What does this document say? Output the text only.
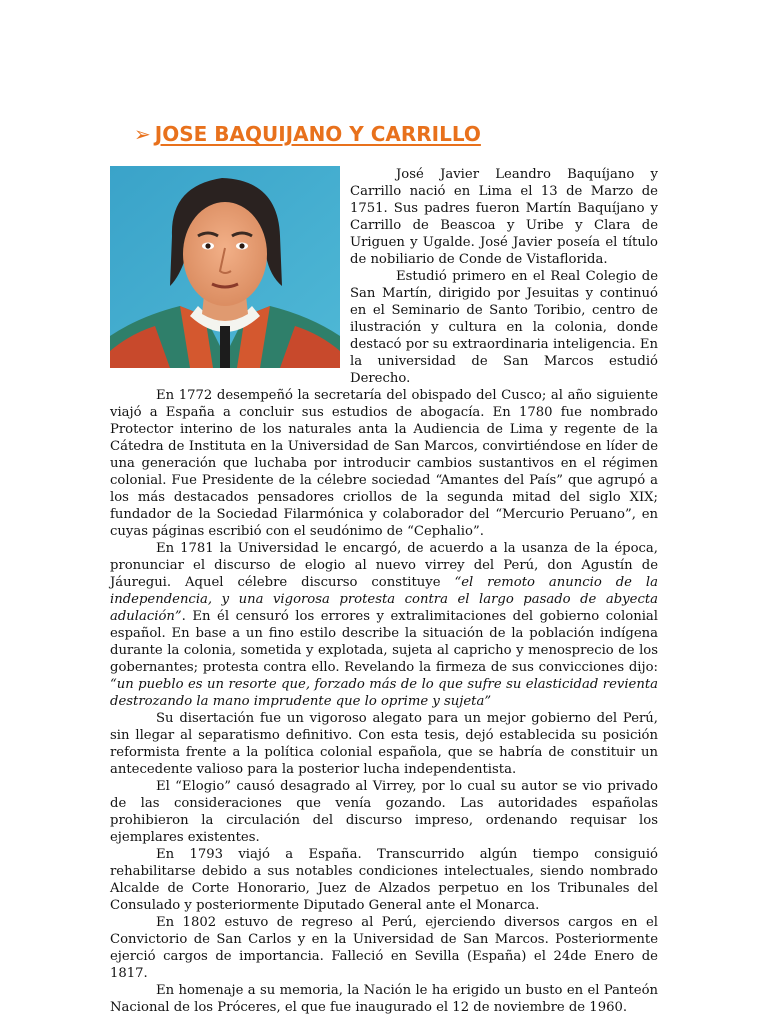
➢ JOSE BAQUIJANO Y CARRILLO

José Javier Leandro Baquíjano y Carrillo nació en Lima el 13 de Marzo de 1751. Sus padres fueron Martín Baquíjano y Carrillo de Beascoa y Uribe y Clara de Uriguen y Ugalde. José Javier poseía el título de nobiliario de Conde de Vistaflorida.

Estudió primero en el Real Colegio de San Martín, dirigido por Jesuitas y continuó en el Seminario de Santo Toribio, centro de ilustración y cultura en la colonia, donde destacó por su extraordinaria inteligencia. En la universidad de San Marcos estudió Derecho.

En 1772 desempeñó la secretaría del obispado del Cusco; al año siguiente viajó a España a concluir sus estudios de abogacía. En 1780 fue nombrado Protector interino de los naturales anta la Audiencia de Lima y regente de la Cátedra de Instituta en la Universidad de San Marcos, convirtiéndose en líder de una generación que luchaba por introducir cambios sustantivos en el régimen colonial. Fue Presidente de la célebre sociedad “Amantes del País” que agrupó a los más destacados pensadores criollos de la segunda mitad del siglo XIX; fundador de la Sociedad Filarmónica y colaborador del “Mercurio Peruano”, en cuyas páginas escribió con el seudónimo de “Cephalio”.

En 1781 la Universidad le encargó, de acuerdo a la usanza de la época, pronunciar el discurso de elogio al nuevo virrey del Perú, don Agustín de Jáuregui. Aquel célebre discurso constituye “el remoto anuncio de la independencia, y una vigorosa protesta contra el largo pasado de abyecta adulación”. En él censuró los errores y extralimitaciones del gobierno colonial español. En base a un fino estilo describe la situación de la población indígena durante la colonia, sometida y explotada, sujeta al capricho y menosprecio de los gobernantes; protesta contra ello. Revelando la firmeza de sus convicciones dijo: “un pueblo es un resorte que, forzado más de lo que sufre su elasticidad revienta destrozando la mano imprudente que lo oprime y sujeta”

Su disertación fue un vigoroso alegato para un mejor gobierno del Perú, sin llegar al separatismo definitivo. Con esta tesis, dejó establecida su posición reformista frente a la política colonial española, que se habría de constituir un antecedente valioso para la posterior lucha independentista.

El “Elogio” causó desagrado al Virrey, por lo cual su autor se vio privado de las consideraciones que venía gozando. Las autoridades españolas prohibieron la circulación del discurso impreso, ordenando requisar los ejemplares existentes.

En 1793 viajó a España. Transcurrido algún tiempo consiguió rehabilitarse debido a sus notables condiciones intelectuales, siendo nombrado Alcalde de Corte Honorario, Juez de Alzados perpetuo en los Tribunales del Consulado y posteriormente Diputado General ante el Monarca.

En 1802 estuvo de regreso al Perú, ejerciendo diversos cargos en el Convictorio de San Carlos y en la Universidad de San Marcos. Posteriormente ejerció cargos de importancia. Falleció en Sevilla (España) el 24de Enero de 1817.

En homenaje a su memoria, la Nación le ha erigido un busto en el Panteón Nacional de los Próceres, el que fue inaugurado el 12 de noviembre de 1960.
